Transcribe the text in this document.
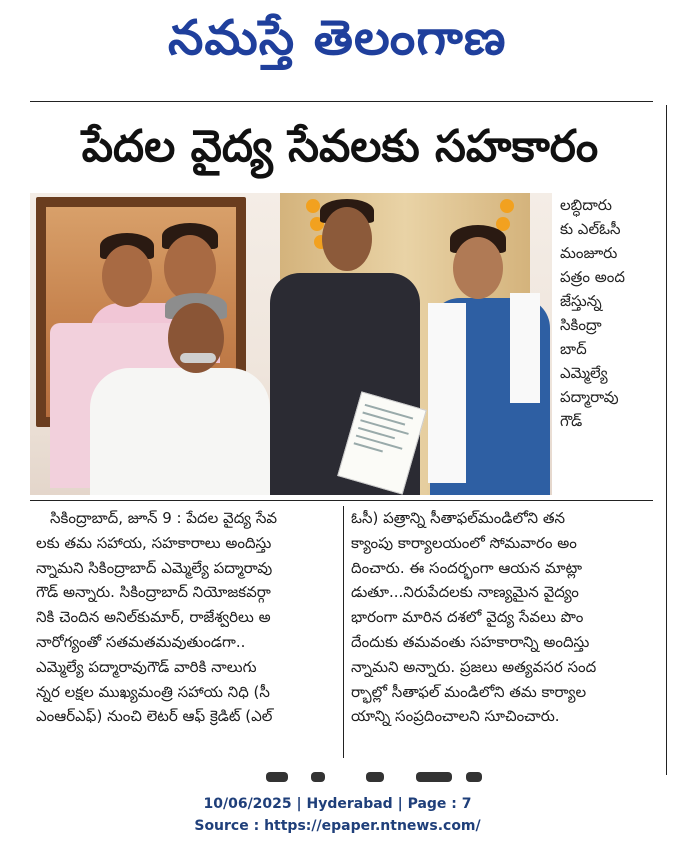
నమస్తే తెలంగాణ
పేదల వైద్య సేవలకు సహకారం
లబ్ధిదారు
కు ఎల్ఓసీ
మంజూరు
పత్రం అంద
జేస్తున్న
సికింద్రా
బాద్
ఎమ్మెల్యే
పద్మారావు
గౌడ్
సికింద్రాబాద్, జూన్ 9 : పేదల వైద్య సేవ
లకు తమ సహాయ, సహకారాలు అందిస్తు
న్నామని సికింద్రాబాద్ ఎమ్మెల్యే పద్మారావు
గౌడ్ అన్నారు. సికింద్రాబాద్ నియోజకవర్గా
నికి చెందిన అనిల్‌కుమార్, రాజేశ్వరిలు అ
నారోగ్యంతో సతమతమవుతుండగా..
ఎమ్మెల్యే పద్మారావుగౌడ్ వారికి నాలుగు
న్నర లక్షల ముఖ్యమంత్రి సహాయ నిధి (సీ
ఎంఆర్ఎఫ్) నుంచి లెటర్ ఆఫ్ క్రెడిట్ (ఎల్
ఓసీ) పత్రాన్ని సీతాఫల్‌మండిలోని తన
క్యాంపు కార్యాలయంలో సోమవారం అం
దించారు. ఈ సందర్భంగా ఆయన మాట్లా
డుతూ...నిరుపేదలకు నాణ్యమైన వైద్యం
భారంగా మారిన దశలో వైద్య సేవలు పొం
దేందుకు తమవంతు సహకారాన్ని అందిస్తు
న్నామని అన్నారు. ప్రజలు అత్యవసర సంద
ర్భాల్లో సీతాఫల్ మండిలోని తమ కార్యాల
యాన్ని సంప్రదించాలని సూచించారు.
10/06/2025 | Hyderabad | Page : 7
Source : https://epaper.ntnews.com/
